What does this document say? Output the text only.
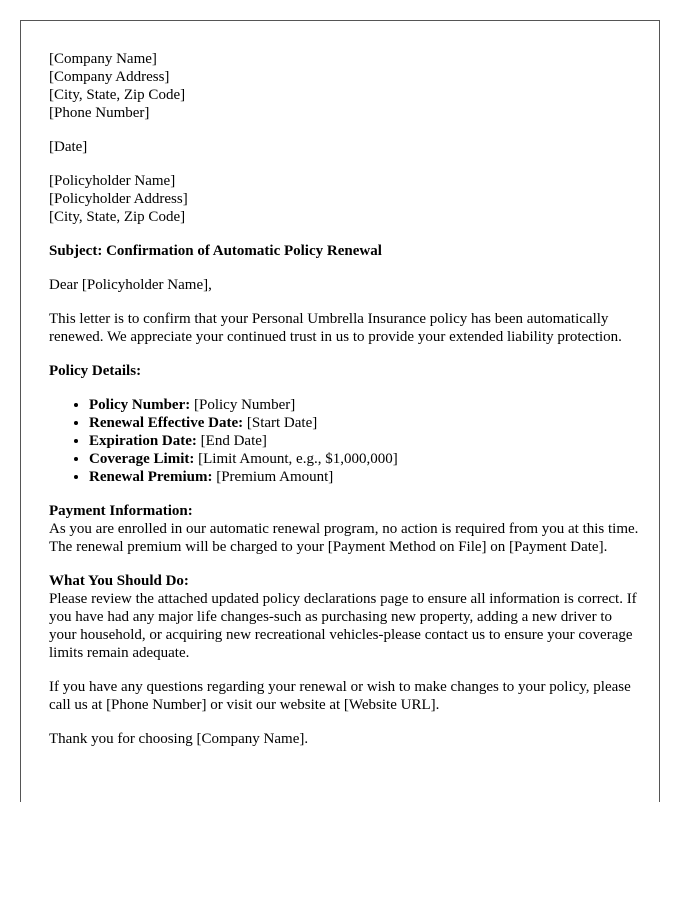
[Company Name]
[Company Address]
[City, State, Zip Code]
[Phone Number]
[Date]
[Policyholder Name]
[Policyholder Address]
[City, State, Zip Code]
Subject: Confirmation of Automatic Policy Renewal
Dear [Policyholder Name],

This letter is to confirm that your Personal Umbrella Insurance policy has been automatically renewed. We appreciate your continued trust in us to provide your extended liability protection.

Policy Details:
• Policy Number: [Policy Number]
• Renewal Effective Date: [Start Date]
• Expiration Date: [End Date]
• Coverage Limit: [Limit Amount, e.g., $1,000,000]
• Renewal Premium: [Premium Amount]

Payment Information:
As you are enrolled in our automatic renewal program, no action is required from you at this time. The renewal premium will be charged to your [Payment Method on File] on [Payment Date].

What You Should Do:
Please review the attached updated policy declarations page to ensure all information is correct. If you have had any major life changes-such as purchasing new property, adding a new driver to your household, or acquiring new recreational vehicles-please contact us to ensure your coverage limits remain adequate.

If you have any questions regarding your renewal or wish to make changes to your policy, please call us at [Phone Number] or visit our website at [Website URL].

Thank you for choosing [Company Name].
